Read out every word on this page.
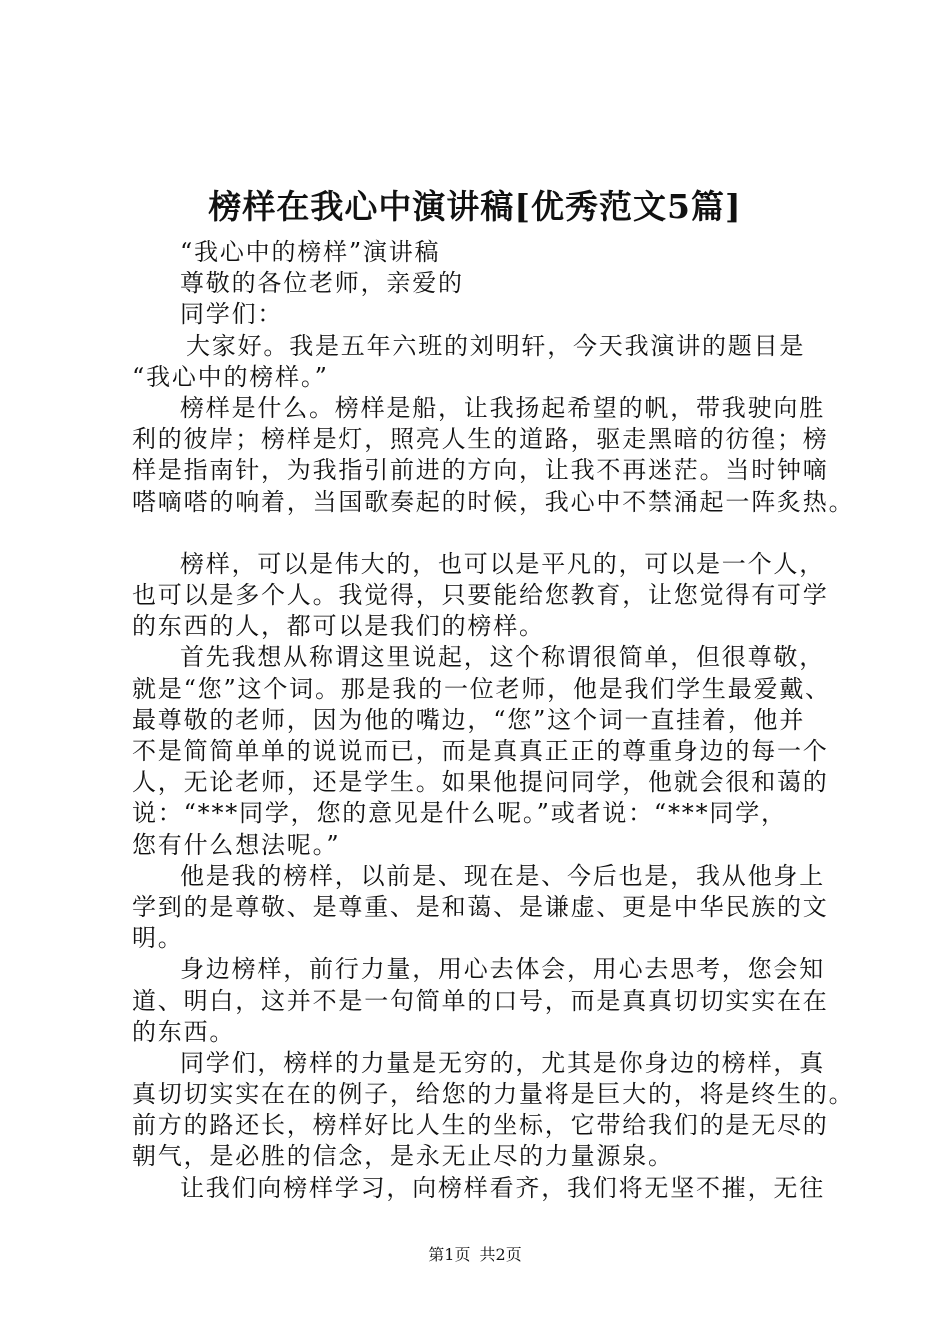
榜样在我心中演讲稿[优秀范文5篇]
“我心中的榜样”演讲稿
尊敬的各位老师，亲爱的
同学们：
大家好。我是五年六班的刘明轩，今天我演讲的题目是
“我心中的榜样。”
榜样是什么。榜样是船，让我扬起希望的帆，带我驶向胜
利的彼岸；榜样是灯，照亮人生的道路，驱走黑暗的彷徨；榜
样是指南针，为我指引前进的方向，让我不再迷茫。当时钟嘀
嗒嘀嗒的响着，当国歌奏起的时候，我心中不禁涌起一阵炙热。
榜样，可以是伟大的，也可以是平凡的，可以是一个人，
也可以是多个人。我觉得，只要能给您教育，让您觉得有可学
的东西的人，都可以是我们的榜样。
首先我想从称谓这里说起，这个称谓很简单，但很尊敬，
就是“您”这个词。那是我的一位老师，他是我们学生最爱戴、
最尊敬的老师，因为他的嘴边，“您”这个词一直挂着，他并
不是简简单单的说说而已，而是真真正正的尊重身边的每一个
人，无论老师，还是学生。如果他提问同学，他就会很和蔼的
说：“***同学，您的意见是什么呢。”或者说：“***同学，
您有什么想法呢。”
他是我的榜样，以前是、现在是、今后也是，我从他身上
学到的是尊敬、是尊重、是和蔼、是谦虚、更是中华民族的文
明。
身边榜样，前行力量，用心去体会，用心去思考，您会知
道、明白，这并不是一句简单的口号，而是真真切切实实在在
的东西。
同学们，榜样的力量是无穷的，尤其是你身边的榜样，真
真切切实实在在的例子，给您的力量将是巨大的，将是终生的。
前方的路还长，榜样好比人生的坐标，它带给我们的是无尽的
朝气，是必胜的信念，是永无止尽的力量源泉。
让我们向榜样学习，向榜样看齐，我们将无坚不摧，无往
第1页 共2页
